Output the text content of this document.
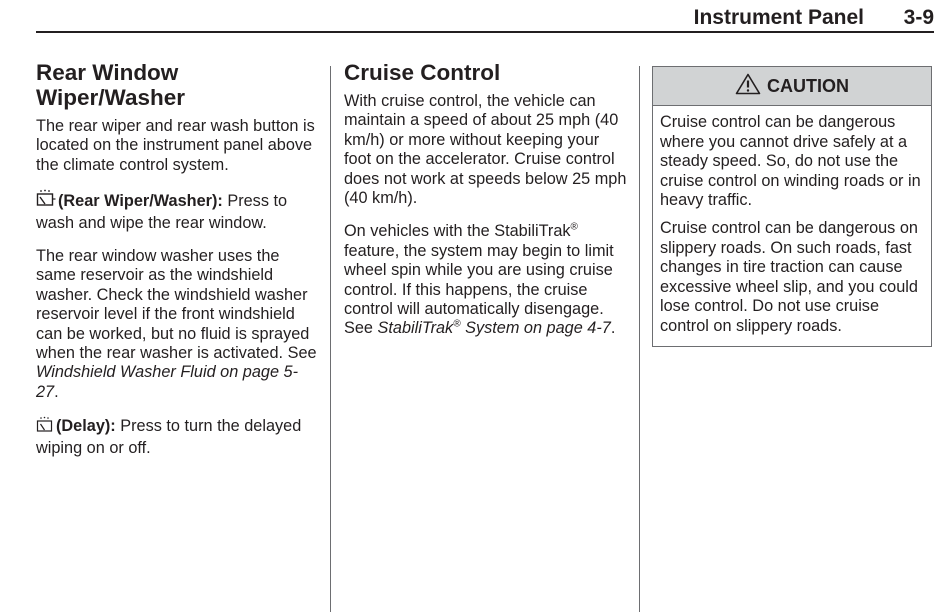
Instrument Panel 3-9
Rear Window
Wiper/Washer

The rear wiper and rear wash button is located on the instrument panel above the climate control system.

(Rear Wiper/Washer): Press to wash and wipe the rear window.

The rear window washer uses the same reservoir as the windshield washer. Check the windshield washer reservoir level if the front windshield can be worked, but no fluid is sprayed when the rear washer is activated. See Windshield Washer Fluid on page 5-27.

(Delay): Press to turn the delayed wiping on or off.

Cruise Control

With cruise control, the vehicle can maintain a speed of about 25 mph (40 km/h) or more without keeping your foot on the accelerator. Cruise control does not work at speeds below 25 mph (40 km/h).

On vehicles with the StabiliTrak® feature, the system may begin to limit wheel spin while you are using cruise control. If this happens, the cruise control will automatically disengage. See StabiliTrak® System on page 4-7.

CAUTION

Cruise control can be dangerous where you cannot drive safely at a steady speed. So, do not use the cruise control on winding roads or in heavy traffic.

Cruise control can be dangerous on slippery roads. On such roads, fast changes in tire traction can cause excessive wheel slip, and you could lose control. Do not use cruise control on slippery roads.
